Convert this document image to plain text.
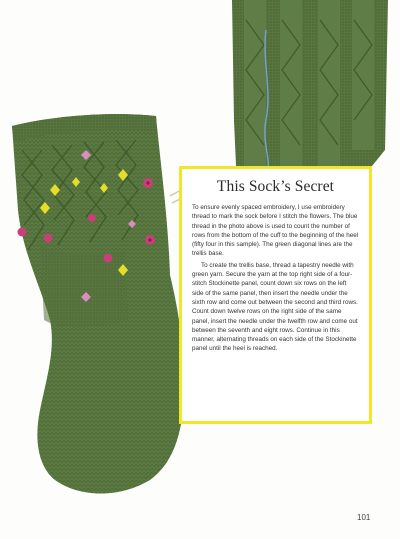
This Sock’s Secret

To ensure evenly spaced embroidery, I use embroidery thread to mark the sock before I stitch the flowers. The blue thread in the photo above is used to count the number of rows from the bottom of the cuff to the beginning of the heel (fifty four in this sample). The green diagonal lines are the trellis base.

To create the trellis base, thread a tapestry needle with green yarn. Secure the yarn at the top right side of a four-stitch Stockinette panel, count down six rows on the left side of the same panel, then insert the needle under the sixth row and come out between the second and third rows. Count down twelve rows on the right side of the same panel, insert the needle under the twelfth row and come out between the seventh and eight rows. Continue in this manner, alternating threads on each side of the Stockinette panel until the heel is reached.

101
